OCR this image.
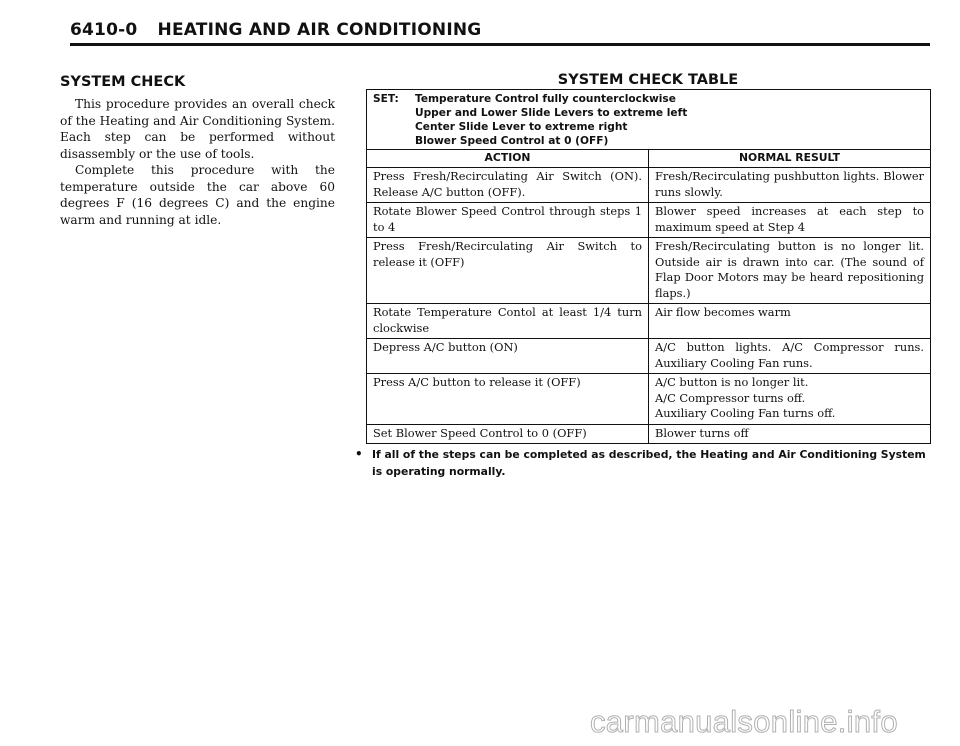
6410-0 HEATING AND AIR CONDITIONING
SYSTEM CHECK

This procedure provides an overall check of the Heating and Air Conditioning System. Each step can be performed without disassembly or the use of tools.

Complete this procedure with the temperature outside the car above 60 degrees F (16 degrees C) and the engine warm and running at idle.

SYSTEM CHECK TABLE
SET: Temperature Control fully counterclockwise
Upper and Lower Slide Levers to extreme left
Center Slide Lever to extreme right
Blower Speed Control at 0 (OFF)	

ACTION	NORMAL RESULT

Press Fresh/Recirculating Air Switch (ON). Release A/C button (OFF).	Fresh/Recirculating pushbutton lights. Blower runs slowly.

Rotate Blower Speed Control through steps 1 to 4	Blower speed increases at each step to maximum speed at Step 4

Press Fresh/Recirculating Air Switch to release it (OFF)	Fresh/Recirculating button is no longer lit. Outside air is drawn into car. (The sound of Flap Door Motors may be heard repositioning flaps.)

Rotate Temperature Contol at least 1/4 turn clockwise	Air flow becomes warm

Depress A/C button (ON)	A/C button lights. A/C Compressor runs. Auxiliary Cooling Fan runs.

Press A/C button to release it (OFF)	A/C button is no longer lit.
A/C Compressor turns off.
Auxiliary Cooling Fan turns off.

Set Blower Speed Control to 0 (OFF)	Blower turns off
• If all of the steps can be completed as described, the Heating and Air Conditioning System is operating normally.
carmanualsonline.info
